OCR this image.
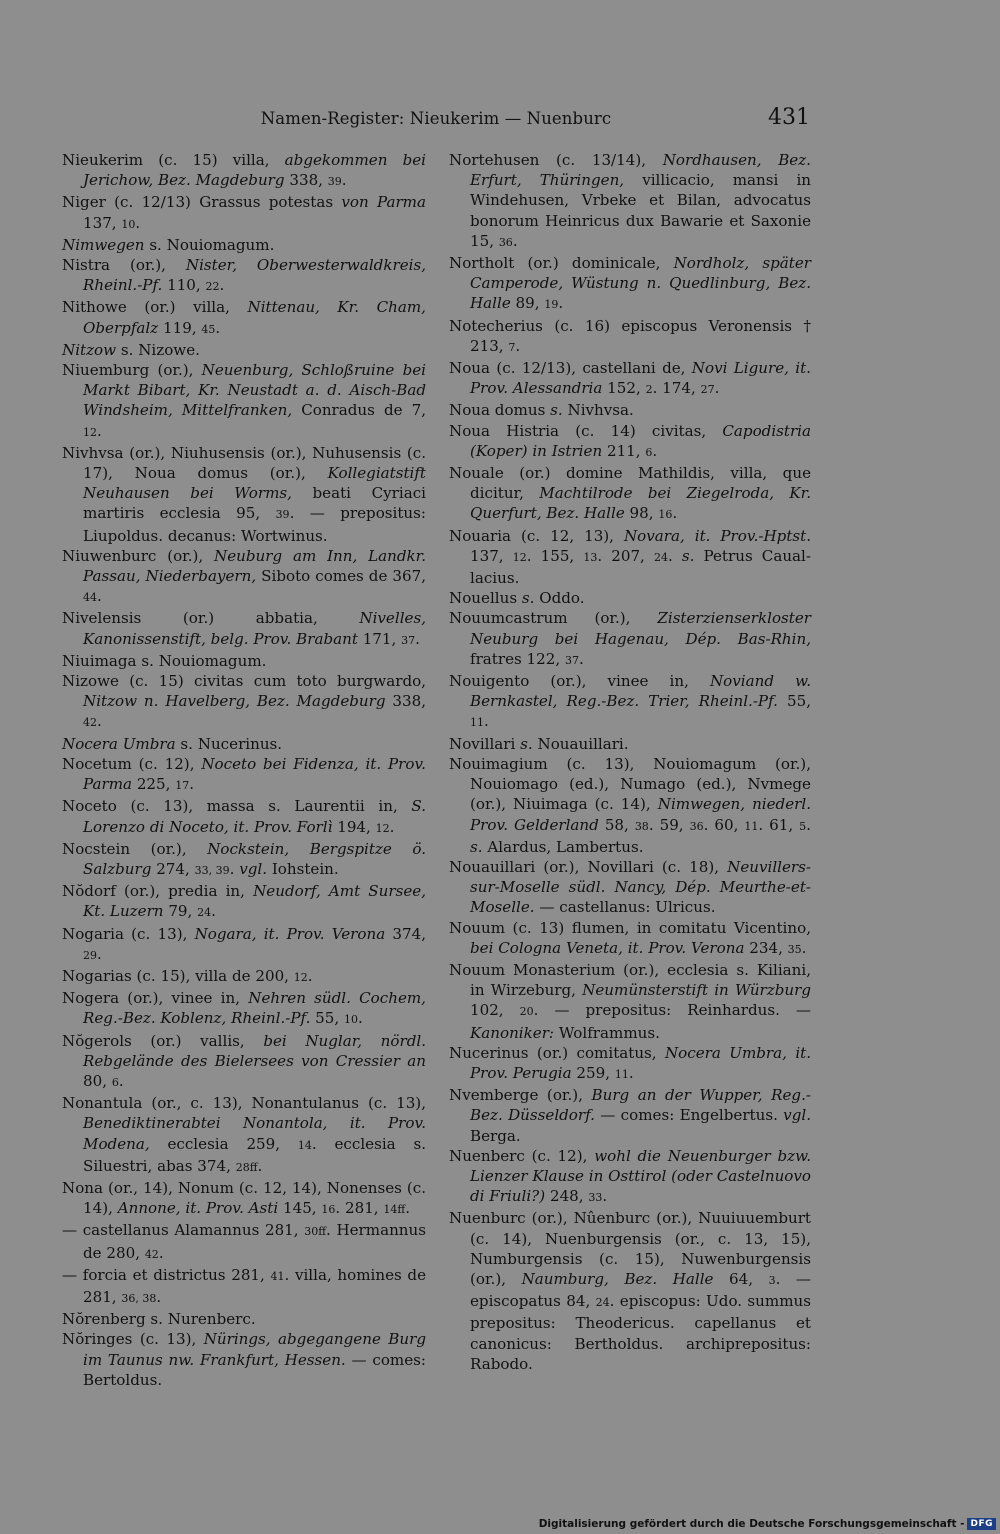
Namen-Register: Nieukerim — Nuenburc	431
Nieukerim (c. 15) villa, abgekommen bei Jerichow, Bez. Magdeburg 338, 39.
Niger (c. 12/13) Grassus potestas von Parma 137, 10.
Nimwegen s. Nouiomagum.
Nistra (or.), Nister, Oberwesterwaldkreis, Rheinl.-Pf. 110, 22.
Nithowe (or.) villa, Nittenau, Kr. Cham, Oberpfalz 119, 45.
Nitzow s. Nizowe.
Niuemburg (or.), Neuenburg, Schloßruine bei Markt Bibart, Kr. Neustadt a. d. Aisch-Bad Windsheim, Mittelfranken, Conradus de 7, 12.
Nivhvsa (or.), Niuhusensis (or.), Nuhusensis (c. 17), Noua domus (or.), Kollegiatstift Neuhausen bei Worms, beati Cyriaci martiris ecclesia 95, 39. — prepositus: Liupoldus. decanus: Wortwinus.
Niuwenburc (or.), Neuburg am Inn, Landkr. Passau, Niederbayern, Siboto comes de 367, 44.
Nivelensis (or.) abbatia, Nivelles, Kanonissenstift, belg. Prov. Brabant 171, 37.
Niuimaga s. Nouiomagum.
Nizowe (c. 15) civitas cum toto burgwardo, Nitzow n. Havelberg, Bez. Magdeburg 338, 42.
Nocera Umbra s. Nucerinus.
Nocetum (c. 12), Noceto bei Fidenza, it. Prov. Parma 225, 17.
Noceto (c. 13), massa s. Laurentii in, S. Lorenzo di Noceto, it. Prov. Forlì 194, 12.
Nocstein (or.), Nockstein, Bergspitze ö. Salzburg 274, 33, 39. vgl. Iohstein.
Nŏdorf (or.), predia in, Neudorf, Amt Sursee, Kt. Luzern 79, 24.
Nogaria (c. 13), Nogara, it. Prov. Verona 374, 29.
Nogarias (c. 15), villa de 200, 12.
Nogera (or.), vinee in, Nehren südl. Cochem, Reg.-Bez. Koblenz, Rheinl.-Pf. 55, 10.
Nŏgerols (or.) vallis, bei Nuglar, nördl. Rebgelände des Bielersees von Cressier an 80, 6.
Nonantula (or., c. 13), Nonantulanus (c. 13), Benediktinerabtei Nonantola, it. Prov. Modena, ecclesia 259, 14. ecclesia s. Siluestri, abas 374, 28ff.
Nona (or., 14), Nonum (c. 12, 14), Nonenses (c. 14), Annone, it. Prov. Asti 145, 16. 281, 14ff.
— castellanus Alamannus 281, 30ff. Hermannus de 280, 42.
— forcia et districtus 281, 41. villa, homines de 281, 36, 38.
Nŏrenberg s. Nurenberc.
Nŏringes (c. 13), Nürings, abgegangene Burg im Taunus nw. Frankfurt, Hessen. — comes: Bertoldus.
Nortehusen (c. 13/14), Nordhausen, Bez. Erfurt, Thüringen, villicacio, mansi in Windehusen, Vrbeke et Bilan, advocatus bonorum Heinricus dux Bawarie et Saxonie 15, 36.
Northolt (or.) dominicale, Nordholz, später Camperode, Wüstung n. Quedlinburg, Bez. Halle 89, 19.
Notecherius (c. 16) episcopus Veronensis † 213, 7.
Noua (c. 12/13), castellani de, Novi Ligure, it. Prov. Alessandria 152, 2. 174, 27.
Noua domus s. Nivhvsa.
Noua Histria (c. 14) civitas, Capodistria (Koper) in Istrien 211, 6.
Nouale (or.) domine Mathildis, villa, que dicitur, Machtilrode bei Ziegelroda, Kr. Querfurt, Bez. Halle 98, 16.
Nouaria (c. 12, 13), Novara, it. Prov.-Hptst. 137, 12. 155, 13. 207, 24. s. Petrus Caual-lacius.
Nouellus s. Oddo.
Nouumcastrum (or.), Zisterzienserkloster Neuburg bei Hagenau, Dép. Bas-Rhin, fratres 122, 37.
Nouigento (or.), vinee in, Noviand w. Bernkastel, Reg.-Bez. Trier, Rheinl.-Pf. 55, 11.
Novillari s. Nouauillari.
Nouimagium (c. 13), Nouiomagum (or.), Nouiomago (ed.), Numago (ed.), Nvmege (or.), Niuimaga (c. 14), Nimwegen, niederl. Prov. Gelderland 58, 38. 59, 36. 60, 11. 61, 5. s. Alardus, Lambertus.
Nouauillari (or.), Novillari (c. 18), Neuvillers-sur-Moselle südl. Nancy, Dép. Meurthe-et-Moselle. — castellanus: Ulricus.
Nouum (c. 13) flumen, in comitatu Vicentino, bei Cologna Veneta, it. Prov. Verona 234, 35.
Nouum Monasterium (or.), ecclesia s. Kiliani, in Wirzeburg, Neumünsterstift in Würzburg 102, 20. — prepositus: Reinhardus. — Kanoniker: Wolframmus.
Nucerinus (or.) comitatus, Nocera Umbra, it. Prov. Perugia 259, 11.
Nvemberge (or.), Burg an der Wupper, Reg.-Bez. Düsseldorf. — comes: Engelbertus. vgl. Berga.
Nuenberc (c. 12), wohl die Neuenburger bzw. Lienzer Klause in Osttirol (oder Castelnuovo di Friuli?) 248, 33.
Nuenburc (or.), Nûenburc (or.), Nuuiuuemburt (c. 14), Nuenburgensis (or., c. 13, 15), Numburgensis (c. 15), Nuwenburgensis (or.), Naumburg, Bez. Halle 64, 3. — episcopatus 84, 24. episcopus: Udo. summus prepositus: Theodericus. capellanus et canonicus: Bertholdus. archiprepositus: Rabodo.
Digitalisierung gefördert durch die Deutsche Forschungsgemeinschaft - DFG
